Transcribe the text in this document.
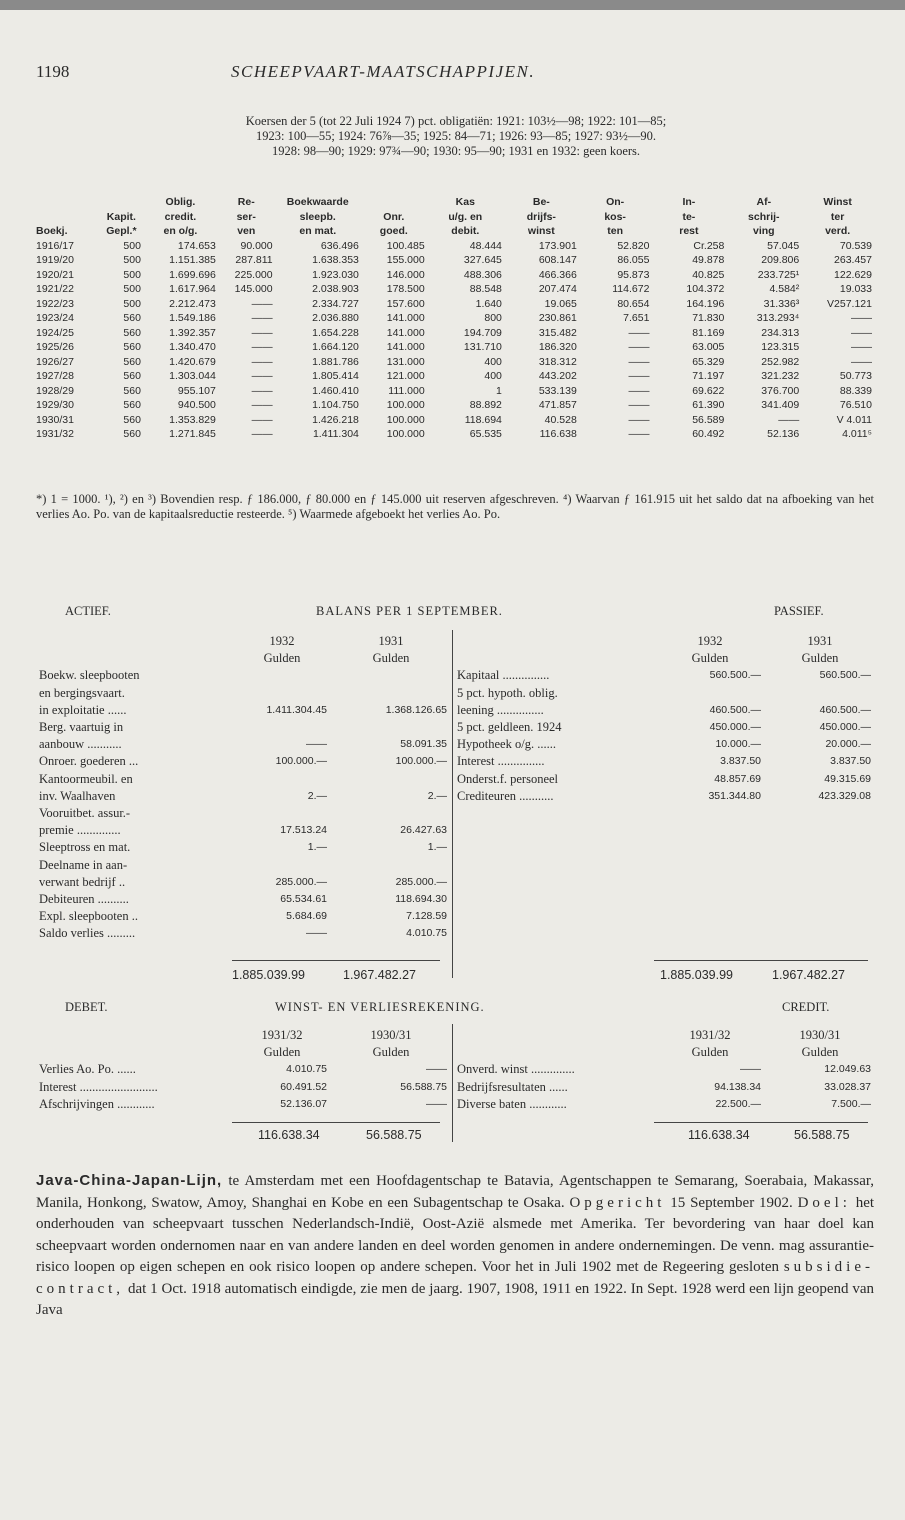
1198	SCHEEPVAART-MAATSCHAPPIJEN.
Koersen der 5 (tot 22 Juli 1924 7) pct. obligatiën: 1921: 103½—98; 1922: 101—85;
1923: 100—55; 1924: 76⅞—35; 1925: 84—71; 1926: 93—85; 1927: 93½—90.
1928: 98—90; 1929: 97¾—90; 1930: 95—90; 1931 en 1932: geen koers.
		Oblig.	Re-	Boekwaarde		Kas	Be-	On-	In-	Af-	Winst
	Kapit.	credit.	ser-	sleepb.	Onr.	u/g. en	drijfs-	kos-	te-	schrij-	ter
Boekj.	Gepl.*	en o/g.	ven	en mat.	goed.	debit.	winst	ten	rest	ving	verd.
1916/17	500	174.653	90.000	636.496	100.485	48.444	173.901	52.820	Cr.258	57.045	70.539
1919/20	500	1.151.385	287.811	1.638.353	155.000	327.645	608.147	86.055	49.878	209.806	263.457
1920/21	500	1.699.696	225.000	1.923.030	146.000	488.306	466.366	95.873	40.825	233.725¹	122.629
1921/22	500	1.617.964	145.000	2.038.903	178.500	88.548	207.474	114.672	104.372	4.584²	19.033
1922/23	500	2.212.473	——	2.334.727	157.600	1.640	19.065	80.654	164.196	31.336³	V257.121
1923/24	560	1.549.186	——	2.036.880	141.000	800	230.861	7.651	71.830	313.293⁴	——
1924/25	560	1.392.357	——	1.654.228	141.000	194.709	315.482	——	81.169	234.313	——
1925/26	560	1.340.470	——	1.664.120	141.000	131.710	186.320	——	63.005	123.315	——
1926/27	560	1.420.679	——	1.881.786	131.000	400	318.312	——	65.329	252.982	——
1927/28	560	1.303.044	——	1.805.414	121.000	400	443.202	——	71.197	321.232	50.773
1928/29	560	955.107	——	1.460.410	111.000	1	533.139	——	69.622	376.700	88.339
1929/30	560	940.500	——	1.104.750	100.000	88.892	471.857	——	61.390	341.409	76.510
1930/31	560	1.353.829	——	1.426.218	100.000	118.694	40.528	——	56.589	——	V 4.011
1931/32	560	1.271.845	——	1.411.304	100.000	65.535	116.638	——	60.492	52.136	4.011⁵
*) 1 = 1000. ¹), ²) en ³) Bovendien resp. ƒ 186.000, ƒ 80.000 en ƒ 145.000 uit reserven afgeschreven. ⁴) Waarvan ƒ 161.915 uit het saldo dat na afboeking van het verlies Ao. Po. van de kapitaalsreductie resteerde. ⁵) Waarmede afgeboekt het verlies Ao. Po.
ACTIEF.	BALANS PER 1 SEPTEMBER.	PASSIEF.
	1932	1931
	Gulden	Gulden
Boekw. sleepbooten		
en bergingsvaart.		
in exploitatie ......	1.411.304.45	1.368.126.65
Berg. vaartuig in		
aanbouw ...........	——	58.091.35
Onroer. goederen ...	100.000.—	100.000.—
Kantoormeubil. en		
inv. Waalhaven	2.—	2.—
Vooruitbet. assur.-		
premie ..............	17.513.24	26.427.63
Sleeptross en mat.	1.—	1.—
Deelname in aan-		
verwant bedrijf ..	285.000.—	285.000.—
Debiteuren ..........	65.534.61	118.694.30
Expl. sleepbooten ..	5.684.69	7.128.59
Saldo verlies .........	——	4.010.75
	1932	1931
	Gulden	Gulden
Kapitaal ...............	560.500.—	560.500.—
5 pct. hypoth. oblig.		
leening ...............	460.500.—	460.500.—
5 pct. geldleen. 1924	450.000.—	450.000.—
Hypotheek o/g. ......	10.000.—	20.000.—
Interest ...............	3.837.50	3.837.50
Onderst.f. personeel	48.857.69	49.315.69
Crediteuren ...........	351.344.80	423.329.08
1.885.039.99	1.967.482.27	1.885.039.99	1.967.482.27
DEBET.	WINST- EN VERLIESREKENING.	CREDIT.
	1931/32	1930/31
	Gulden	Gulden
Verlies Ao. Po. ......	4.010.75	——
Interest .........................	60.491.52	56.588.75
Afschrijvingen ............	52.136.07	——
	1931/32	1930/31
	Gulden	Gulden
Onverd. winst ..............	——	12.049.63
Bedrijfsresultaten ......	94.138.34	33.028.37
Diverse baten ............	22.500.—	7.500.—
116.638.34	56.588.75	116.638.34	56.588.75
Java-China-Japan-Lijn, te Amsterdam met een Hoofdagentschap te Batavia, Agentschappen te Semarang, Soerabaia, Makassar, Manila, Honkong, Swatow, Amoy, Shanghai en Kobe en een Subagentschap te Osaka. Opgericht 15 September 1902. Doel: het onderhouden van scheepvaart tusschen Nederlandsch-Indië, Oost-Azië alsmede met Amerika. Ter bevordering van haar doel kan scheepvaart worden ondernomen naar en van andere landen en deel worden genomen in andere ondernemingen. De venn. mag assurantie-risico loopen op eigen schepen en ook risico loopen op andere schepen. Voor het in Juli 1902 met de Regeering gesloten subsidie-contract, dat 1 Oct. 1918 automatisch eindigde, zie men de jaarg. 1907, 1908, 1911 en 1922. In Sept. 1928 werd een lijn geopend van Java
